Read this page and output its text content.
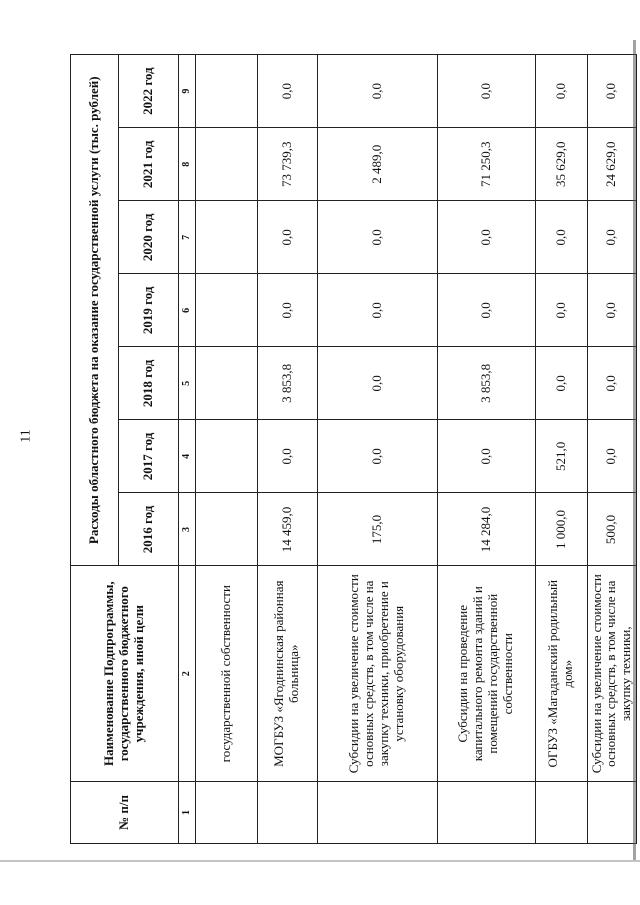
11
№ п/п	Наименование Подпрограммы, государственного бюджетного учреждения, иной цели	Расходы областного бюджета на оказание государственной услуги (тыс. рублей)						
		2016 год	2017 год	2018 год	2019 год	2020 год	2021 год	2022 год
1	2	3	4	5	6	7	8	9
	государственной собственности							
	МОГБУЗ «Ягоднинская районная больница»	14 459,0	0,0	3 853,8	0,0	0,0	73 739,3	0,0
	Субсидии на увеличение стоимости основных средств, в том числе на закупку техники, приобретение и установку оборудования	175,0	0,0	0,0	0,0	0,0	2 489,0	0,0
	Субсидии на проведение капитального ремонта зданий и помещений государственной собственности	14 284,0	0,0	3 853,8	0,0	0,0	71 250,3	0,0
	ОГБУЗ «Магаданский родильный дом»	1 000,0	521,0	0,0	0,0	0,0	35 629,0	0,0
	Субсидии на увеличение стоимости основных средств, в том числе на закупку техники,	500,0	0,0	0,0	0,0	0,0	24 629,0	0,0
